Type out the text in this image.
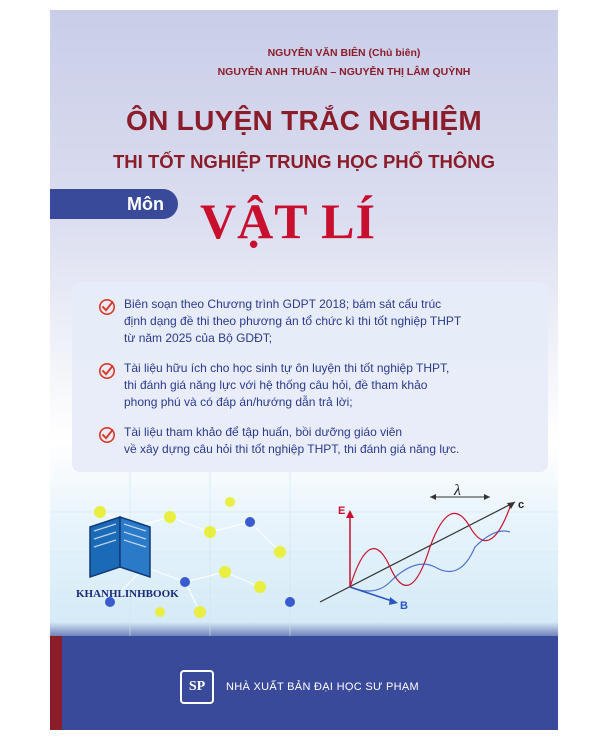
NGUYỄN VĂN BIÊN (Chủ biên)
NGUYỄN ANH THUẤN – NGUYỄN THỊ LÂM QUỲNH
ÔN LUYỆN TRẮC NGHIỆM
THI TỐT NGHIỆP TRUNG HỌC PHỔ THÔNG
Môn VẬT LÍ
Biên soạn theo Chương trình GDPT 2018; bám sát cấu trúc
định dạng đề thi theo phương án tổ chức kì thi tốt nghiệp THPT
từ năm 2025 của Bộ GDĐT;
Tài liệu hữu ích cho học sinh tự ôn luyện thi tốt nghiệp THPT,
thi đánh giá năng lực với hệ thống câu hỏi, đề tham khảo
phong phú và có đáp án/hướng dẫn trả lời;
Tài liệu tham khảo để tập huấn, bồi dưỡng giáo viên
về xây dựng câu hỏi thi tốt nghiệp THPT, thi đánh giá năng lực.
λ
c
E
B
KHANHLINHBOOK
SP	NHÀ XUẤT BẢN ĐẠI HỌC SƯ PHẠM
